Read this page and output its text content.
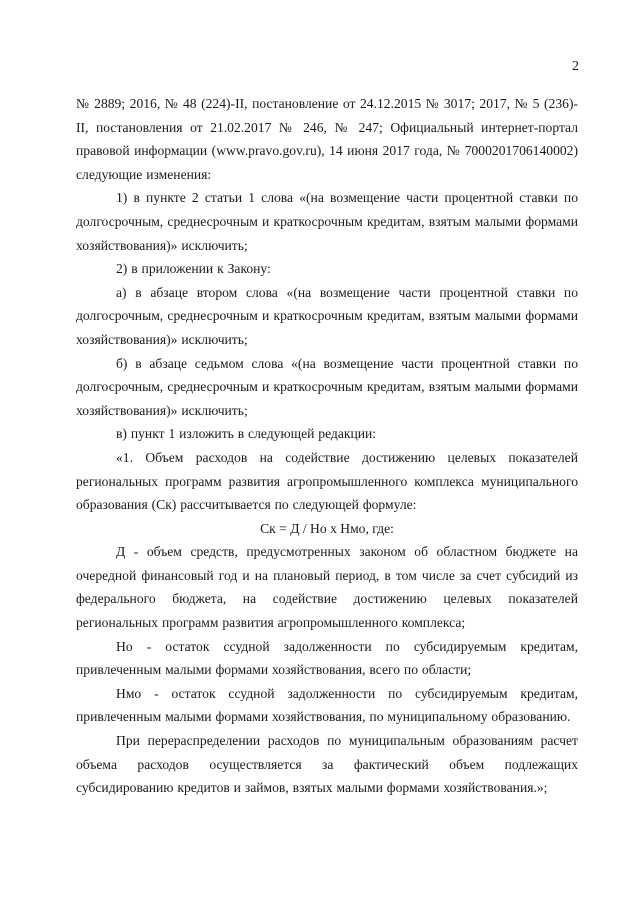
2

№ 2889; 2016, № 48 (224)-II, постановление от 24.12.2015 № 3017; 2017, № 5 (236)-II, постановления от 21.02.2017 № 246, № 247; Официальный интернет-портал правовой информации (www.pravo.gov.ru), 14 июня 2017 года, № 7000201706140002) следующие изменения:

1) в пункте 2 статьи 1 слова «(на возмещение части процентной ставки по долгосрочным, среднесрочным и краткосрочным кредитам, взятым малыми формами хозяйствования)» исключить;

2) в приложении к Закону:

а) в абзаце втором слова «(на возмещение части процентной ставки по долгосрочным, среднесрочным и краткосрочным кредитам, взятым малыми формами хозяйствования)» исключить;

б) в абзаце седьмом слова «(на возмещение части процентной ставки по долгосрочным, среднесрочным и краткосрочным кредитам, взятым малыми формами хозяйствования)» исключить;

в) пункт 1 изложить в следующей редакции:

«1. Объем расходов на содействие достижению целевых показателей региональных программ развития агропромышленного комплекса муниципального образования (Ск) рассчитывается по следующей формуле:

Ск = Д / Но х Нмо, где:

Д - объем средств, предусмотренных законом об областном бюджете на очередной финансовый год и на плановый период, в том числе за счет субсидий из федерального бюджета, на содействие достижению целевых показателей региональных программ развития агропромышленного комплекса;

Но - остаток ссудной задолженности по субсидируемым кредитам, привлеченным малыми формами хозяйствования, всего по области;

Нмо - остаток ссудной задолженности по субсидируемым кредитам, привлеченным малыми формами хозяйствования, по муниципальному образованию.

При перераспределении расходов по муниципальным образованиям расчет объема расходов осуществляется за фактический объем подлежащих субсидированию кредитов и займов, взятых малыми формами хозяйствования.»;
